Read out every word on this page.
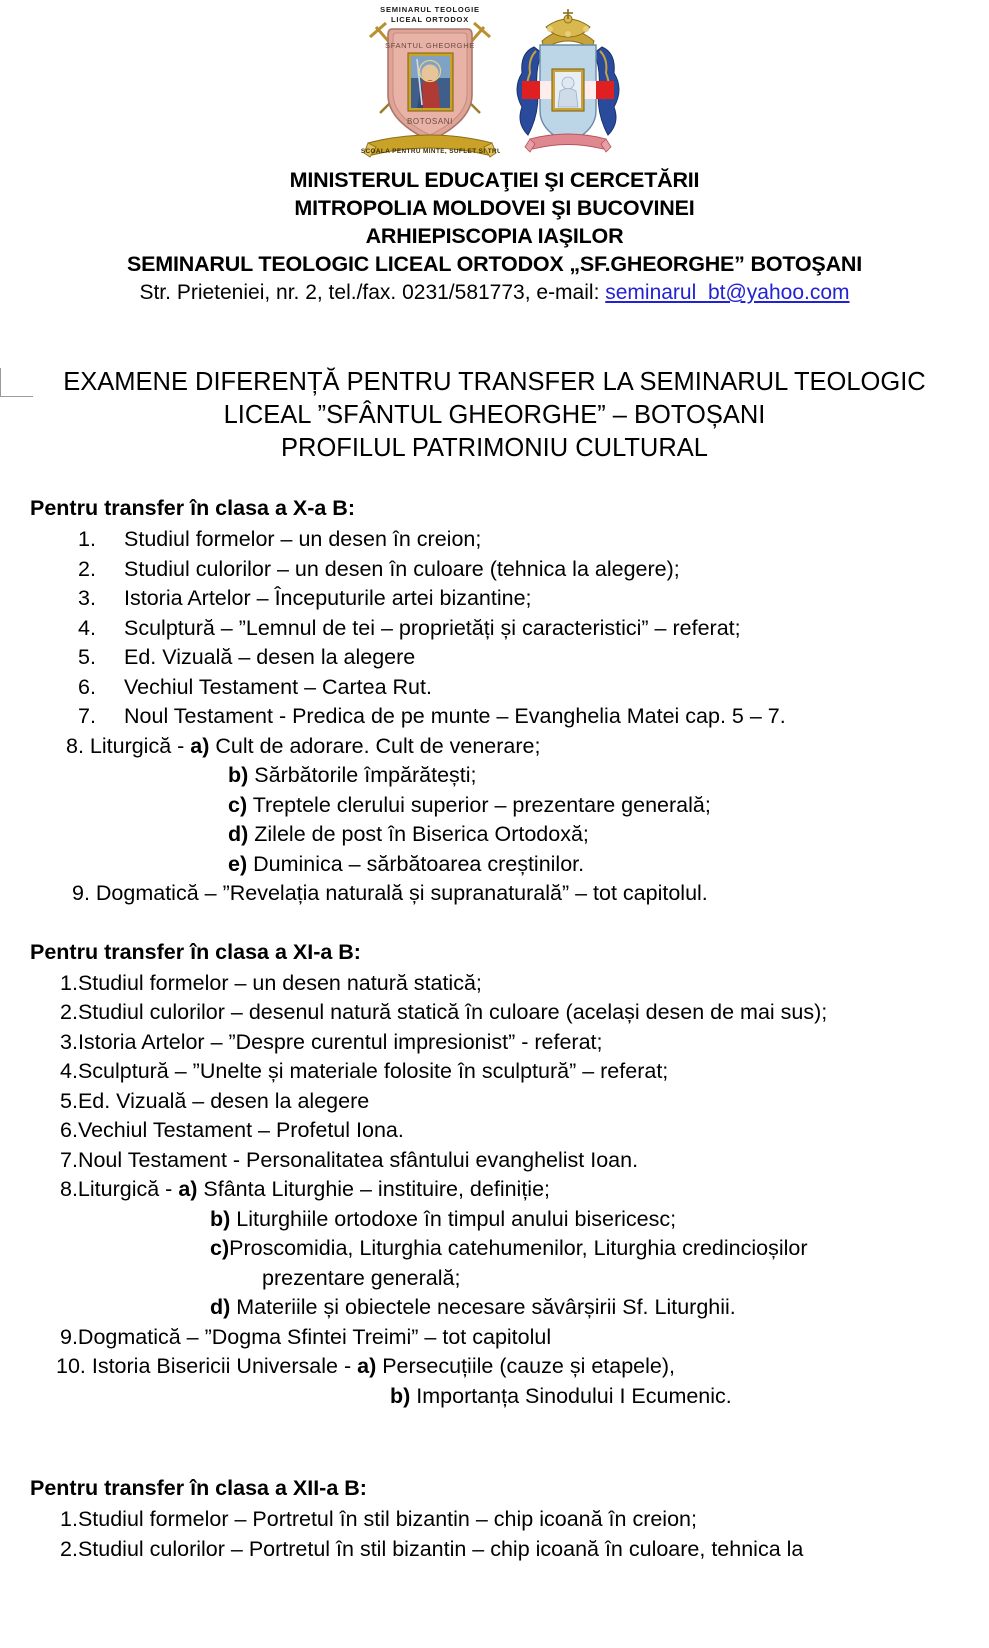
SEMINARUL TEOLOGIE
LICEAL ORTODOX
SFANTUL GHEORGHE
BOTOSANI
O SCOALA PENTRU MINTE, SUFLET SI TRUP
MINISTERUL EDUCAŢIEI ŞI CERCETĂRII
MITROPOLIA MOLDOVEI ŞI BUCOVINEI
ARHIEPISCOPIA IAŞILOR
SEMINARUL TEOLOGIC LICEAL ORTODOX „SF.GHEORGHE” BOTOŞANI
Str. Prieteniei, nr. 2, tel./fax. 0231/581773, e-mail: seminarul_bt@yahoo.com
EXAMENE DIFERENȚĂ PENTRU TRANSFER LA SEMINARUL TEOLOGIC
LICEAL ”SFÂNTUL GHEORGHE” – BOTOȘANI
PROFILUL PATRIMONIU CULTURAL
Pentru transfer în clasa a X-a B:
1. Studiul formelor – un desen în creion;
2. Studiul culorilor – un desen în culoare (tehnica la alegere);
3. Istoria Artelor – Începuturile artei bizantine;
4. Sculptură – ”Lemnul de tei – proprietăți și caracteristici” – referat;
5. Ed. Vizuală – desen la alegere
6. Vechiul Testament – Cartea Rut.
7. Noul Testament - Predica de pe munte – Evanghelia Matei cap. 5 – 7.
8. Liturgică - a) Cult de adorare. Cult de venerare;
b) Sărbătorile împărătești;
c) Treptele clerului superior – prezentare generală;
d) Zilele de post în Biserica Ortodoxă;
e) Duminica – sărbătoarea creștinilor.
9. Dogmatică – ”Revelația naturală și supranaturală” – tot capitolul.
Pentru transfer în clasa a XI-a B:
1.Studiul formelor – un desen natură statică;
2.Studiul culorilor – desenul natură statică în culoare (același desen de mai sus);
3.Istoria Artelor – ”Despre curentul impresionist” - referat;
4.Sculptură – ”Unelte și materiale folosite în sculptură” – referat;
5.Ed. Vizuală – desen la alegere
6.Vechiul Testament – Profetul Iona.
7.Noul Testament - Personalitatea sfântului evanghelist Ioan.
8.Liturgică - a) Sfânta Liturghie – instituire, definiție;
b) Liturghiile ortodoxe în timpul anului bisericesc;
c)Proscomidia, Liturghia catehumenilor, Liturghia credincioșilor
prezentare generală;
d) Materiile și obiectele necesare săvârșirii Sf. Liturghii.
9.Dogmatică – ”Dogma Sfintei Treimi” – tot capitolul
10. Istoria Bisericii Universale - a) Persecuțiile (cauze și etapele),
b) Importanța Sinodului I Ecumenic.
Pentru transfer în clasa a XII-a B:
1.Studiul formelor – Portretul în stil bizantin – chip icoană în creion;
2.Studiul culorilor – Portretul în stil bizantin – chip icoană în culoare, tehnica la
